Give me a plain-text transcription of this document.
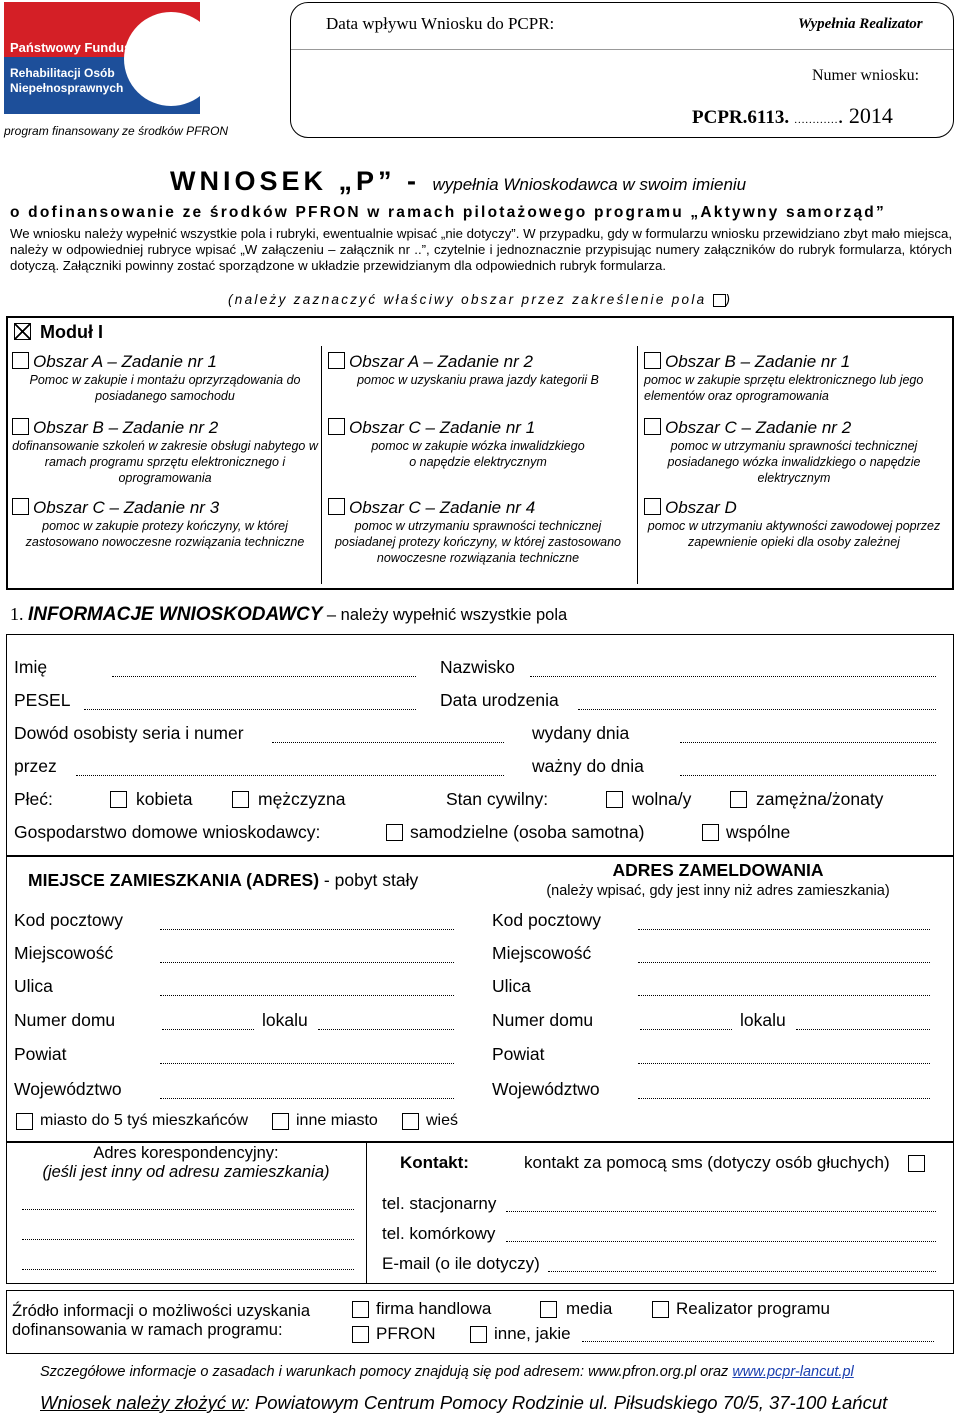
Państwowy Fundusz
Rehabilitacji Osób
Niepełnosprawnych
program finansowany ze środków PFRON
Data wpływu Wniosku do PCPR:	Wypełnia Realizator
Numer wniosku:
PCPR.6113. …………. 2014
WNIOSEK „P” - wypełnia Wnioskodawca w swoim imieniu
o dofinansowanie ze środków PFRON w ramach pilotażowego programu „Aktywny samorząd”
We wniosku należy wypełnić wszystkie pola i rubryki, ewentualnie wpisać „nie dotyczy”. W przypadku, gdy w formularzu wniosku przewidziano zbyt mało miejsca, należy w odpowiedniej rubryce wpisać „W załączeniu – załącznik nr ..”, czytelnie i jednoznacznie przypisując numery załączników do rubryk formularza, których dotyczą. Załączniki powinny zostać sporządzone w układzie przewidzianym dla odpowiednich rubryk formularza.
(należy zaznaczyć właściwy obszar przez zakreślenie pola )
Moduł I
Obszar A – Zadanie nr 1
Pomoc w zakupie i montażu oprzyrządowania do posiadanego samochodu
Obszar A – Zadanie nr 2
pomoc w uzyskaniu prawa jazdy kategorii B
Obszar B – Zadanie nr 1
pomoc w zakupie sprzętu elektronicznego lub jego elementów oraz oprogramowania
Obszar B – Zadanie nr 2
dofinansowanie szkoleń w zakresie obsługi nabytego w ramach programu sprzętu elektronicznego i oprogramowania
Obszar C – Zadanie nr 1
pomoc w zakupie wózka inwalidzkiego o napędzie elektrycznym
Obszar C – Zadanie nr 2
pomoc w utrzymaniu sprawności technicznej posiadanego wózka inwalidzkiego o napędzie elektrycznym
Obszar C – Zadanie nr 3
pomoc w zakupie protezy kończyny, w której zastosowano nowoczesne rozwiązania techniczne
Obszar C – Zadanie nr 4
pomoc w utrzymaniu sprawności technicznej posiadanej protezy kończyny, w której zastosowano nowoczesne rozwiązania techniczne
Obszar D
pomoc w utrzymaniu aktywności zawodowej poprzez zapewnienie opieki dla osoby zależnej
1. INFORMACJE WNIOSKODAWCY – należy wypełnić wszystkie pola
Imię	Nazwisko
PESEL	Data urodzenia
Dowód osobisty seria i numer	wydany dnia
przez	ważny do dnia
Płeć:	kobieta	mężczyzna	Stan cywilny:	wolna/y	zamężna/żonaty
Gospodarstwo domowe wnioskodawcy:	samodzielne (osoba samotna)	wspólne
MIEJSCE ZAMIESZKANIA (ADRES) - pobyt stały	ADRES ZAMELDOWANIA
(należy wpisać, gdy jest inny niż adres zamieszkania)
Kod pocztowy
Miejscowość
Ulica
Numer domu	lokalu
Powiat
Województwo
miasto do 5 tyś mieszkańców	inne miasto	wieś
Kod pocztowy
Miejscowość
Ulica
Numer domu	lokalu
Powiat
Województwo
Adres korespondencyjny:
(jeśli jest inny od adresu zamieszkania)	Kontakt:	kontakt za pomocą sms (dotyczy osób głuchych)
tel. stacjonarny
tel. komórkowy
E-mail (o ile dotyczy)
Źródło informacji o możliwości uzyskania
dofinansowania w ramach programu:
firma handlowa	media	Realizator programu
PFRON	inne, jakie
Szczegółowe informacje o zasadach i warunkach pomocy znajdują się pod adresem: www.pfron.org.pl oraz www.pcpr-lancut.pl
Wniosek należy złożyć w: Powiatowym Centrum Pomocy Rodzinie ul. Piłsudskiego 70/5, 37-100 Łańcut
